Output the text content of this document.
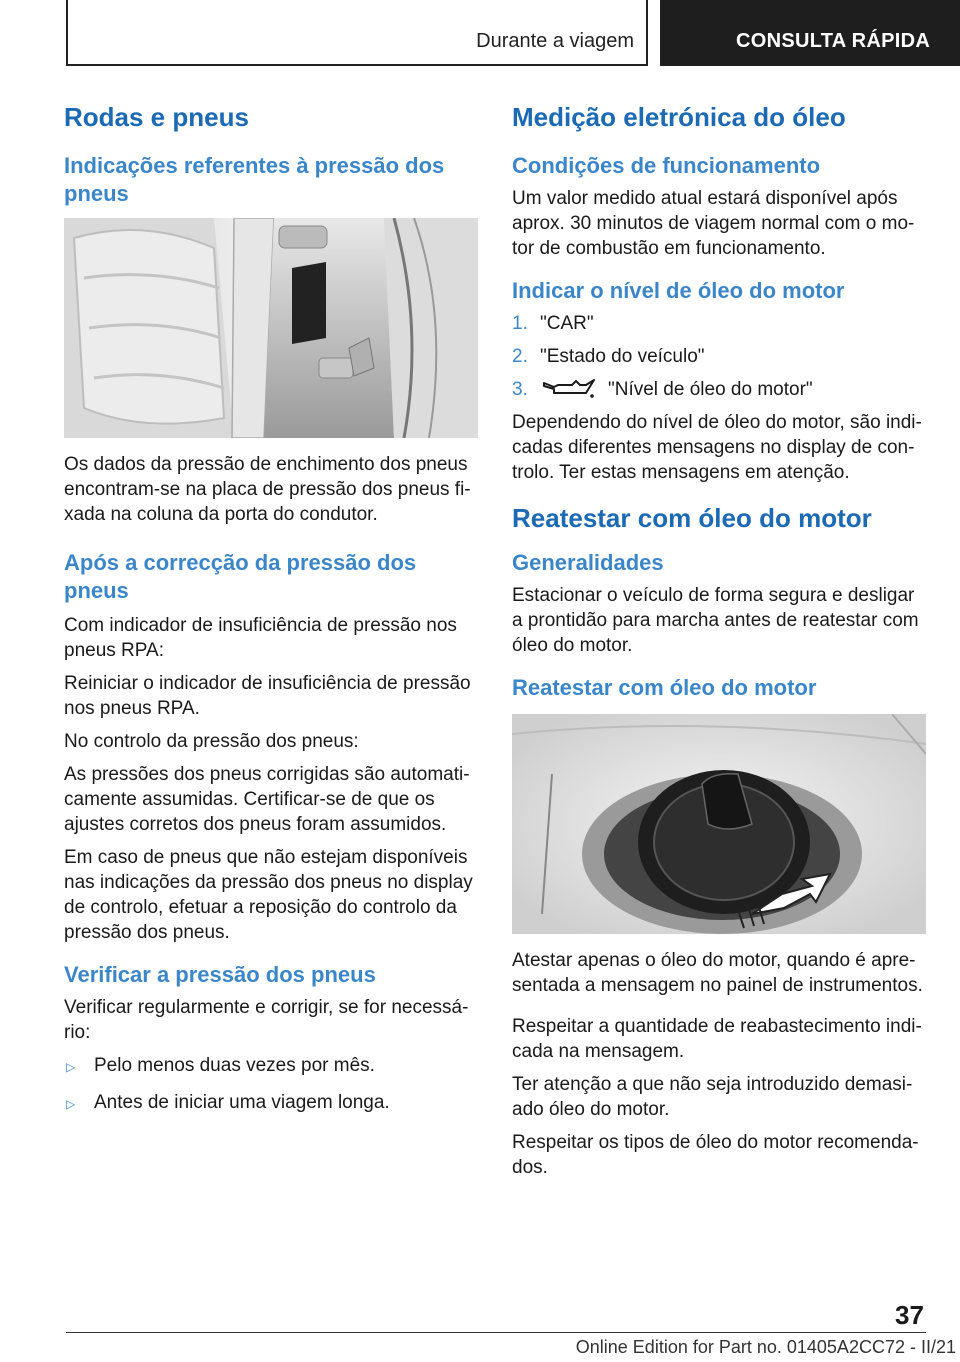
Durante a viagem	CONSULTA RÁPIDA
Rodas e pneus
Indicações referentes à pressão dos pneus

Os dados da pressão de enchimento dos pneus encontram-se na placa de pressão dos pneus fi-xada na coluna da porta do condutor.

Após a correcção da pressão dos pneus

Com indicador de insuficiência de pressão nos pneus RPA:

Reiniciar o indicador de insuficiência de pressão nos pneus RPA.

No controlo da pressão dos pneus:

As pressões dos pneus corrigidas são automati-camente assumidas. Certificar-se de que os ajustes corretos dos pneus foram assumidos.

Em caso de pneus que não estejam disponíveis nas indicações da pressão dos pneus no display de controlo, efetuar a reposição do controlo da pressão dos pneus.

Verificar a pressão dos pneus

Verificar regularmente e corrigir, se for necessá-rio:

▷ Pelo menos duas vezes por mês.
▷ Antes de iniciar uma viagem longa.
Medição eletrónica do óleo
Condições de funcionamento

Um valor medido atual estará disponível após aprox. 30 minutos de viagem normal com o mo-tor de combustão em funcionamento.

Indicar o nível de óleo do motor
1. "CAR"
2. "Estado do veículo"
3.	"Nível de óleo do motor"

Dependendo do nível de óleo do motor, são indi-cadas diferentes mensagens no display de con-trolo. Ter estas mensagens em atenção.

Reatestar com óleo do motor
Generalidades

Estacionar o veículo de forma segura e desligar a prontidão para marcha antes de reatestar com óleo do motor.

Reatestar com óleo do motor

Atestar apenas o óleo do motor, quando é apre-sentada a mensagem no painel de instrumentos.

Respeitar a quantidade de reabastecimento indi-cada na mensagem.

Ter atenção a que não seja introduzido demasi-ado óleo do motor.

Respeitar os tipos de óleo do motor recomenda-dos.

37
Online Edition for Part no. 01405A2CC72 - II/21
